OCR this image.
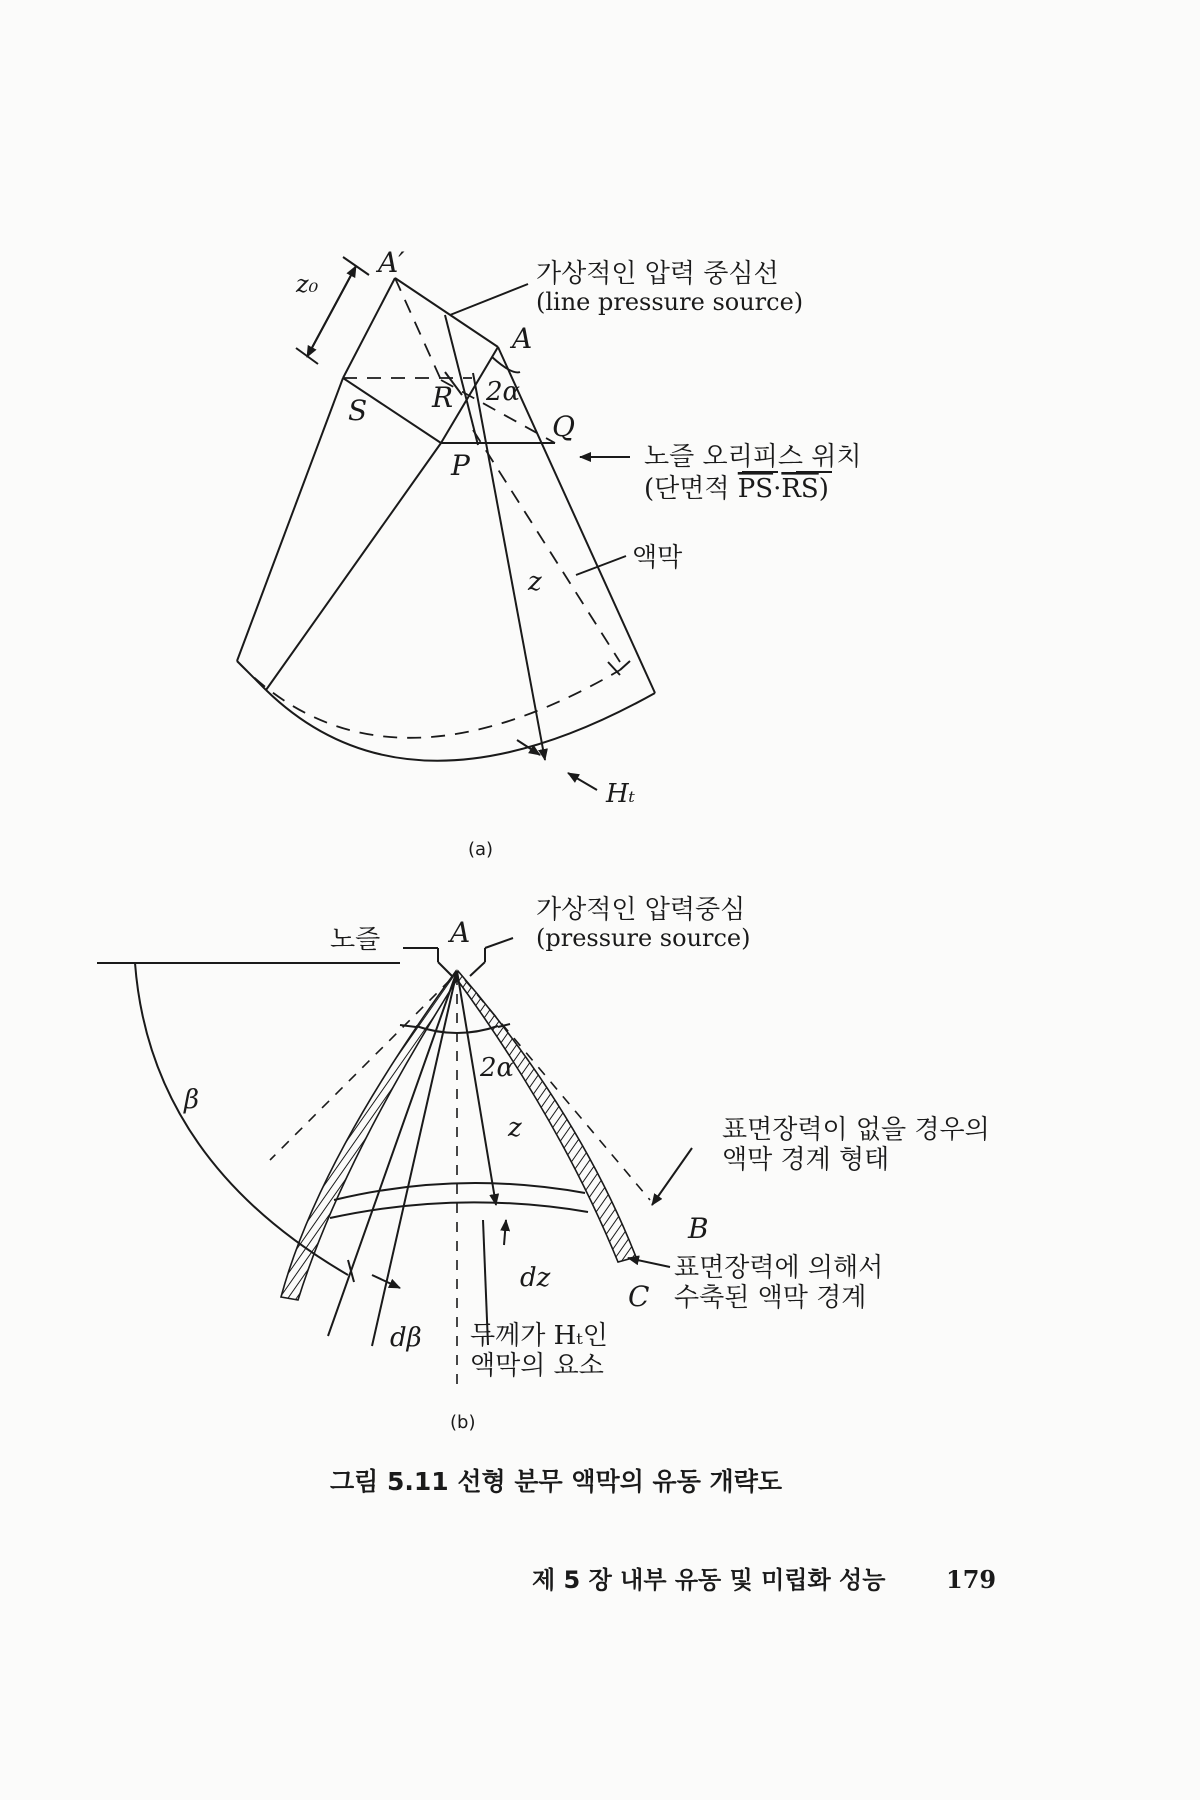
z₀
A′
A
S R 2α
Q
P
z
Hₜ
가상적인 압력 중심선
(line pressure source)
노즐 오리피스 위치
(단면적 PS·RS)
액막
(a)
노즐 A
가상적인 압력중심
(pressure source)
β
2α
z	표면장력이 없을 경우의
액막 경계 형태
B
표면장력에 의해서
수축된 액막 경계
C
dz
dβ 두께가 Hₜ인
액막의 요소
(b)
그림 5.11 선형 분무 액막의 유동 개략도
제 5 장 내부 유동 및 미립화 성능	179
